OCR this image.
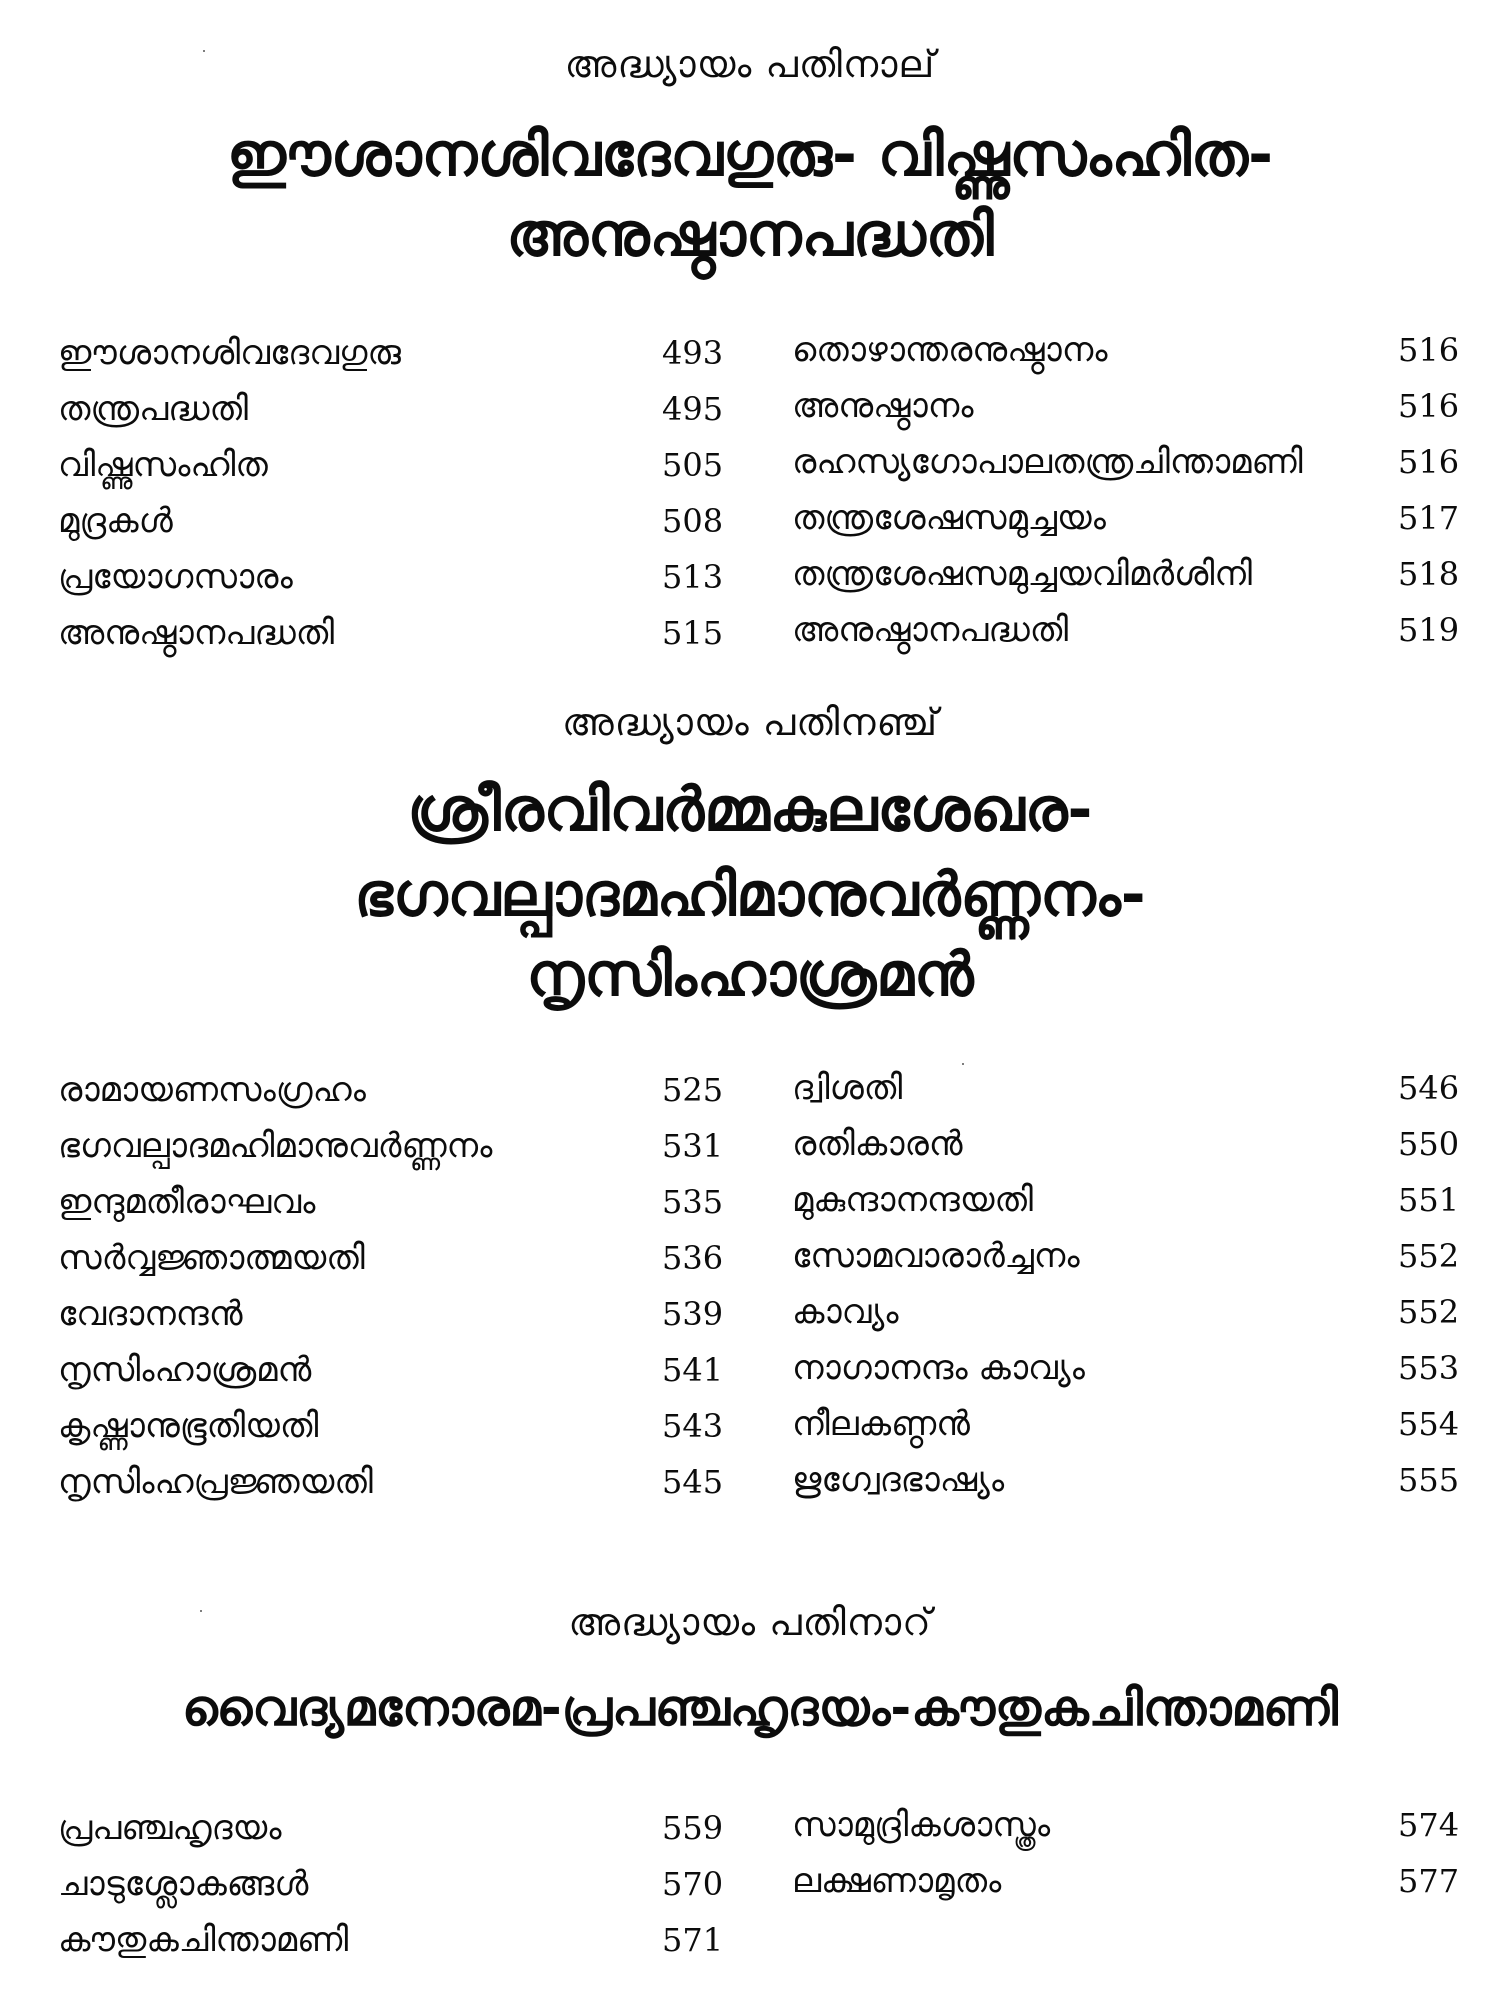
അദ്ധ്യായം പതിനാല്
ഈശാനശിവദേവഗുരു- വിഷ്ണുസംഹിത-
അനുഷ്ഠാനപദ്ധതി
ഈശാനശിവദേവഗുരു	493
തന്ത്രപദ്ധതി	495
വിഷ്ണുസംഹിത	505
മുദ്രകൾ	508
പ്രയോഗസാരം	513
അനുഷ്ഠാനപദ്ധതി	515
തൊഴാന്തരനുഷ്ഠാനം	516
അനുഷ്ഠാനം	516
രഹസ്യഗോപാലതന്ത്രചിന്താമണി	516
തന്ത്രശേഷസമുച്ചയം	517
തന്ത്രശേഷസമുച്ചയവിമർശിനി	518
അനുഷ്ഠാനപദ്ധതി	519
അദ്ധ്യായം പതിനഞ്ച്
ശ്രീരവിവർമ്മകുലശേഖര-
ഭഗവല്പാദമഹിമാനുവർണ്ണനം-
നൃസിംഹാശ്രമൻ
രാമായണസംഗ്രഹം	525
ഭഗവല്പാദമഹിമാനുവർണ്ണനം	531
ഇന്ദുമതീരാഘവം	535
സർവ്വജ്ഞാത്മയതി	536
വേദാനന്ദൻ	539
നൃസിംഹാശ്രമൻ	541
കൃഷ്ണാനുഭൂതിയതി	543
നൃസിംഹപ്രജ്ഞയതി	545
ദ്വിശതി	546
രതികാരൻ	550
മുകുന്ദാനന്ദയതി	551
സോമവാരാർച്ചനം	552
കാവ്യം	552
നാഗാനന്ദം കാവ്യം	553
നീലകണ്ഠൻ	554
ഋഗ്വേദഭാഷ്യം	555
അദ്ധ്യായം പതിനാറ്
വൈദ്യമനോരമ-പ്രപഞ്ചഹൃദയം-കൗതുകചിന്താമണി
പ്രപഞ്ചഹൃദയം	559
ചാടുശ്ലോകങ്ങൾ	570
കൗതുകചിന്താമണി	571
സാമുദ്രികശാസ്ത്രം	574
ലക്ഷണാമൃതം	577
